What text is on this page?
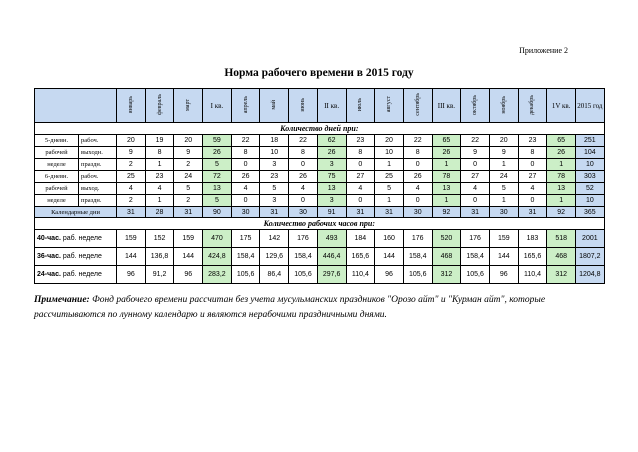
Приложение 2
Норма рабочего времени в 2015 году
		январь	февраль	март	I кв.	апрель	май	июнь	II кв.	июль	август	сентябрь	III кв.	октябрь	ноябрь	декабрь	1V кв.	2015 год
Количество дней при:																		
5-дневн.	рабоч.	20	19	20	59	22	18	22	62	23	20	22	65	22	20	23	65	251
рабочей	выходн.	9	8	9	26	8	10	8	26	8	10	8	26	9	9	8	26	104
неделе	праздн.	2	1	2	5	0	3	0	3	0	1	0	1	0	1	0	1	10
6-дневн.	рабоч.	25	23	24	72	26	23	26	75	27	25	26	78	27	24	27	78	303
рабочей	выход.	4	4	5	13	4	5	4	13	4	5	4	13	4	5	4	13	52
неделе	праздн.	2	1	2	5	0	3	0	3	0	1	0	1	0	1	0	1	10
Календарные дни		31	28	31	90	30	31	30	91	31	31	30	92	31	30	31	92	365
Количество рабочих часов при:																		
40-час. раб. неделе		159	152	159	470	175	142	176	493	184	160	176	520	176	159	183	518	2001
36-час. раб. неделе		144	136,8	144	424,8	158,4	129,6	158,4	446,4	165,6	144	158,4	468	158,4	144	165,6	468	1807,2
24-час. раб. неделе		96	91,2	96	283,2	105,6	86,4	105,6	297,6	110,4	96	105,6	312	105,6	96	110,4	312	1204,8
Примечание: Фонд рабочего времени рассчитан без учета мусульманских праздников "Орозо айт" и "Курман айт", которые рассчитываются по лунному календарю и являются нерабочими праздничными днями.
